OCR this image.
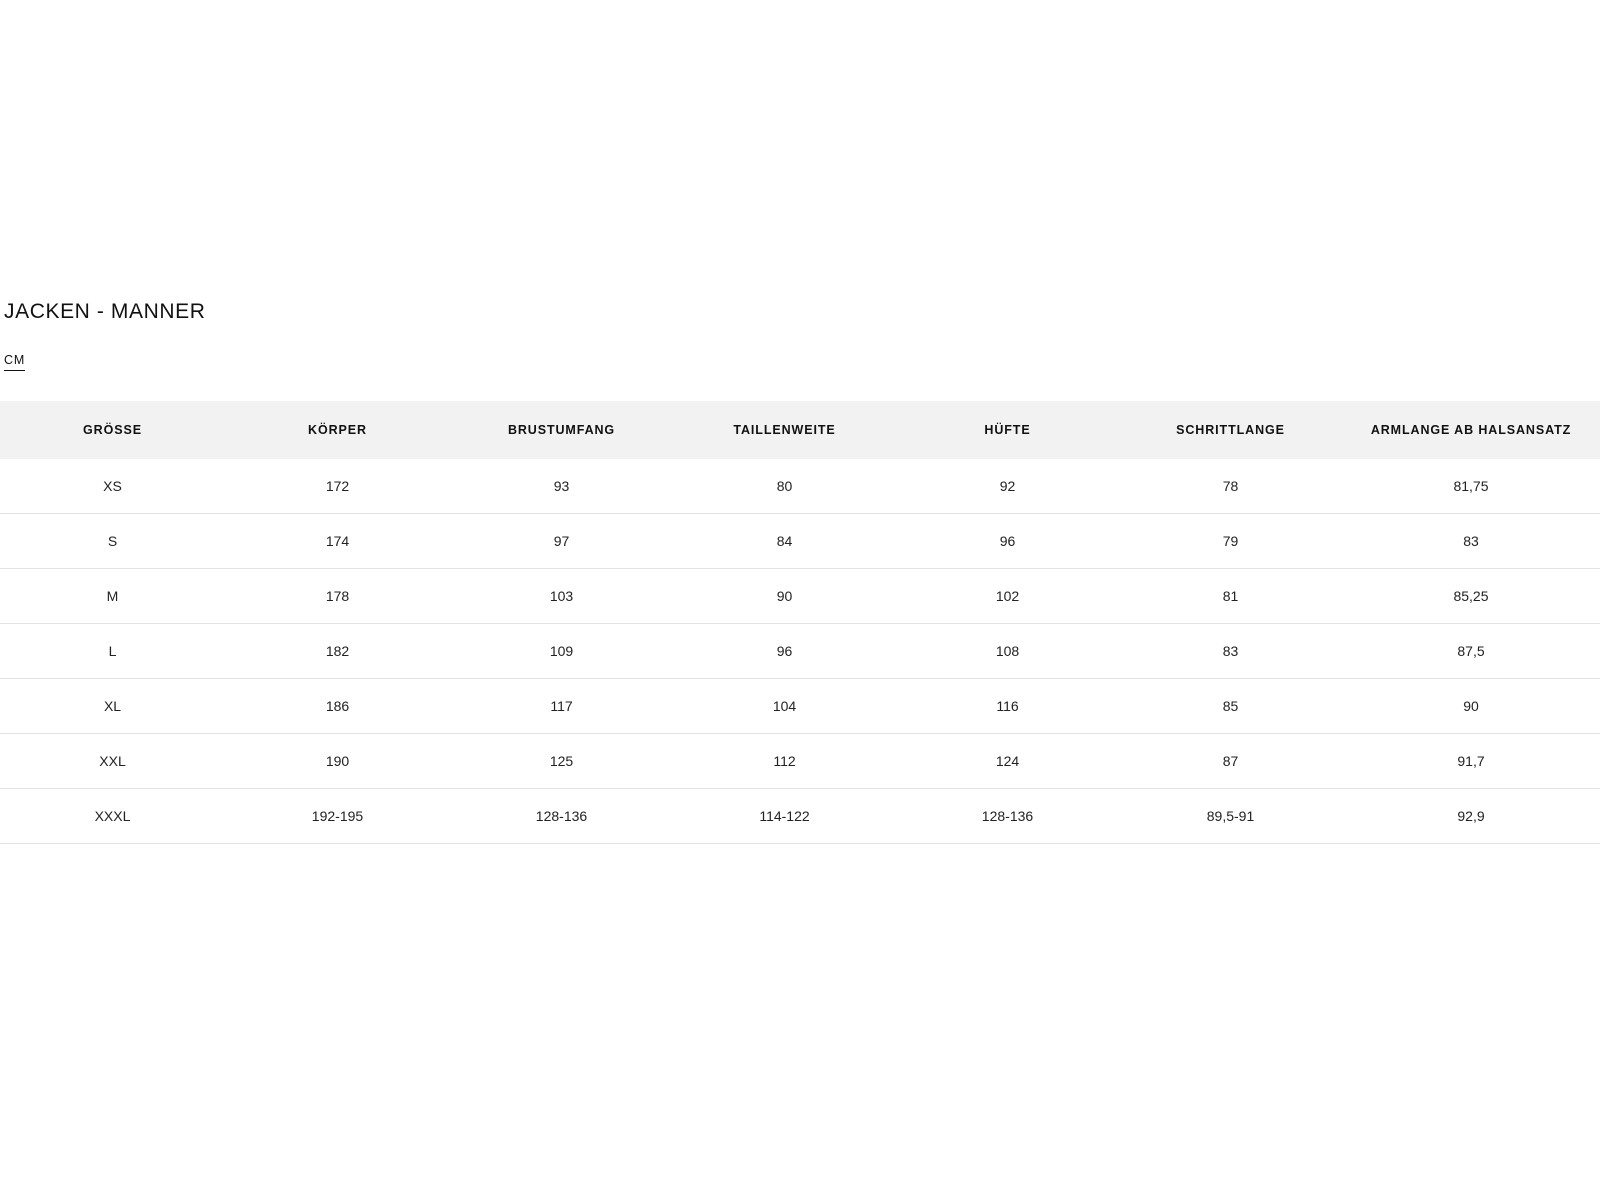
JACKEN - MANNER
CM
GRÖSSE	KÖRPER	BRUSTUMFANG	TAILLENWEITE	HÜFTE	SCHRITTLANGE	ARMLANGE AB HALSANSATZ
XS	172	93	80	92	78	81,75
S	174	97	84	96	79	83
M	178	103	90	102	81	85,25
L	182	109	96	108	83	87,5
XL	186	117	104	116	85	90
XXL	190	125	112	124	87	91,7
XXXL	192-195	128-136	114-122	128-136	89,5-91	92,9
